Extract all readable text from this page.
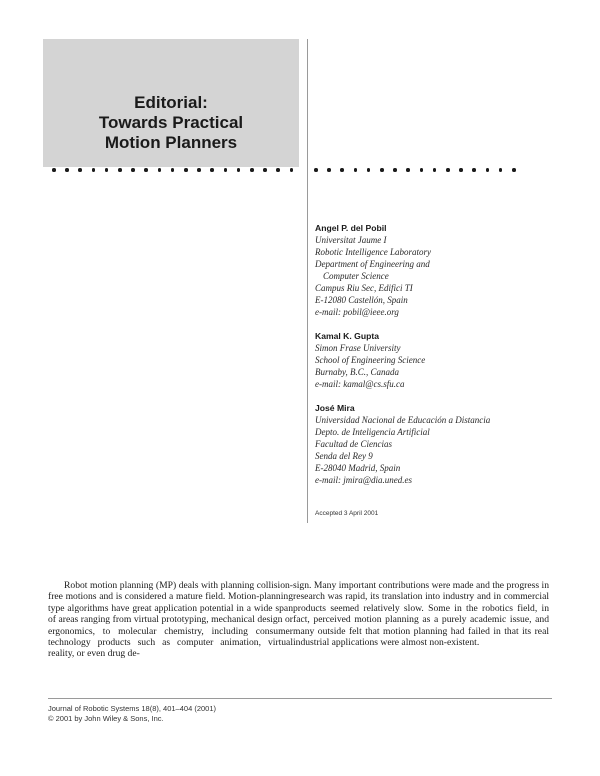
Editorial:
Towards Practical
Motion Planners
Angel P. del Pobil
Universitat Jaume I
Robotic Intelligence Laboratory
Department of Engineering and
Computer Science
Campus Riu Sec, Edifici TI
E-12080 Castellón, Spain
e-mail: pobil@ieee.org
Kamal K. Gupta
Simon Frase University
School of Engineering Science
Burnaby, B.C., Canada
e-mail: kamal@cs.sfu.ca
José Mira
Universidad Nacional de Educación a Distancia
Depto. de Inteligencia Artificial
Facultad de Ciencias
Senda del Rey 9
E-28040 Madrid, Spain
e-mail: jmira@dia.uned.es
Accepted 3 April 2001

Robot motion planning (MP) deals with planning collision-free motions and is considered a mature field. Motion-planning type algorithms have great application potential in a wide span of areas ranging from virtual prototyping, mechanical design or ergonomics, to molecular chemistry, including consumer technology products such as computer animation, virtual reality, or even drug de-

sign. Many important contributions were made and the progress in research was rapid, its translation into industry and in commercial products seemed relatively slow. Some in the robotics field, in fact, perceived motion planning as a purely academic issue, and many outside felt that motion planning had failed in that its real industrial applications were almost non-existent.

Journal of Robotic Systems 18(8), 401–404 (2001)
© 2001 by John Wiley & Sons, Inc.
